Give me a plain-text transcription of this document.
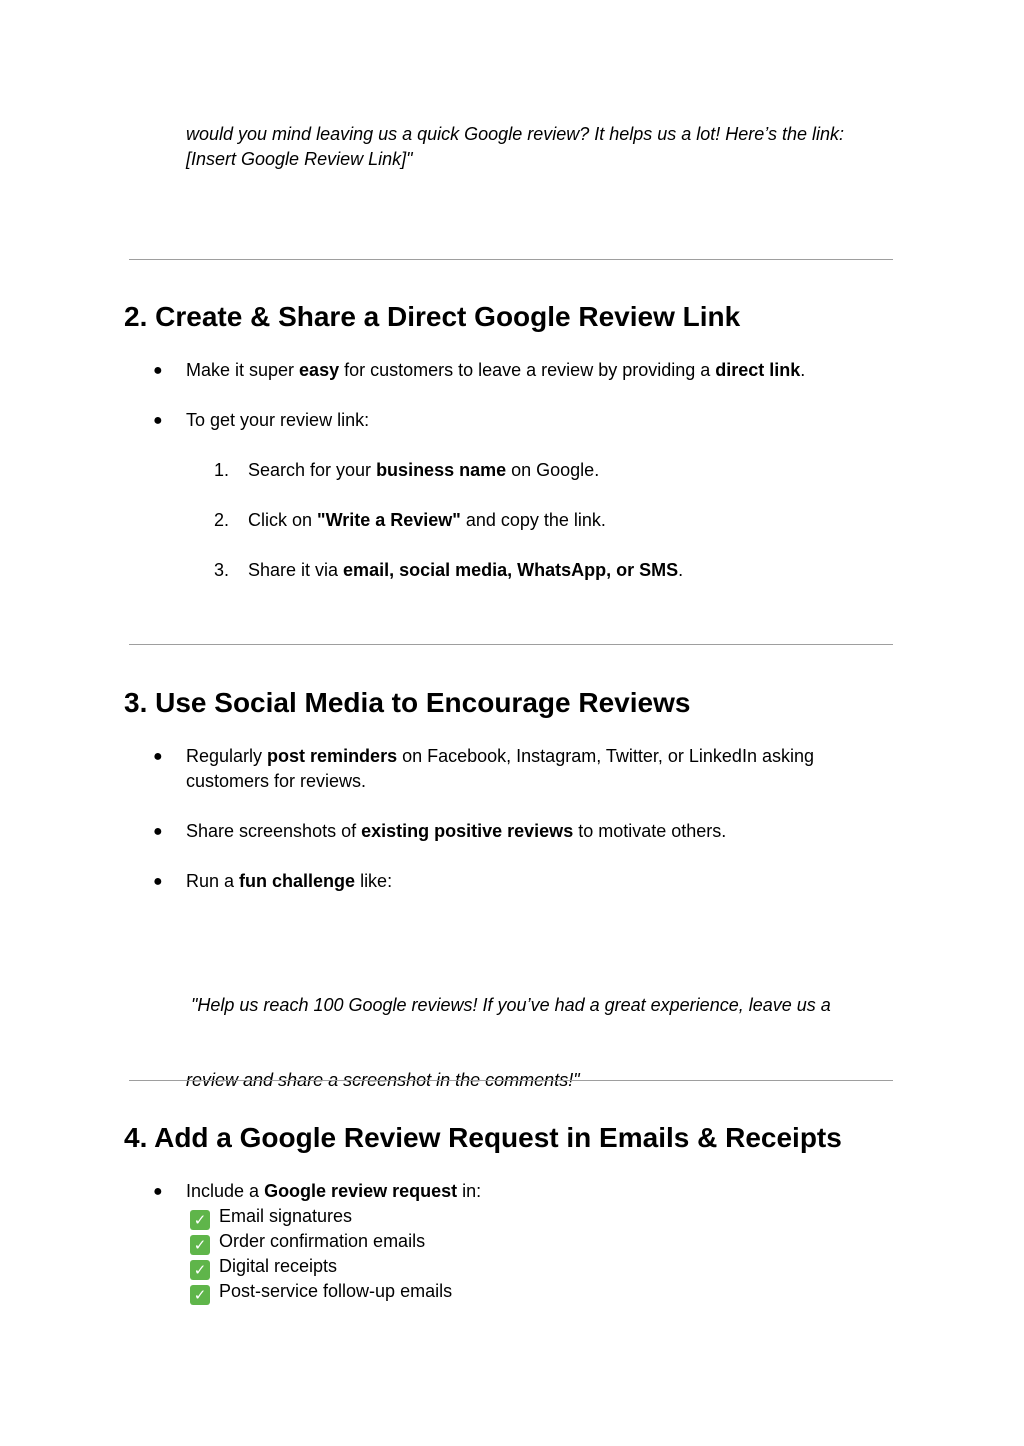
would you mind leaving us a quick Google review? It helps us a lot! Here’s the link:
[Insert Google Review Link]"
2. Create & Share a Direct Google Review Link
● Make it super easy for customers to leave a review by providing a direct link.
● To get your review link:
1. Search for your business name on Google.
2. Click on "Write a Review" and copy the link.
3. Share it via email, social media, WhatsApp, or SMS.
3. Use Social Media to Encourage Reviews
● Regularly post reminders on Facebook, Instagram, Twitter, or LinkedIn asking
customers for reviews.
● Share screenshots of existing positive reviews to motivate others.
● Run a fun challenge like:

"Help us reach 100 Google reviews! If you’ve had a great experience, leave us a

review and share a screenshot in the comments!"

4. Add a Google Review Request in Emails & Receipts
● Include a Google review request in:
✓ Email signatures
✓ Order confirmation emails
✓ Digital receipts
✓ Post-service follow-up emails
